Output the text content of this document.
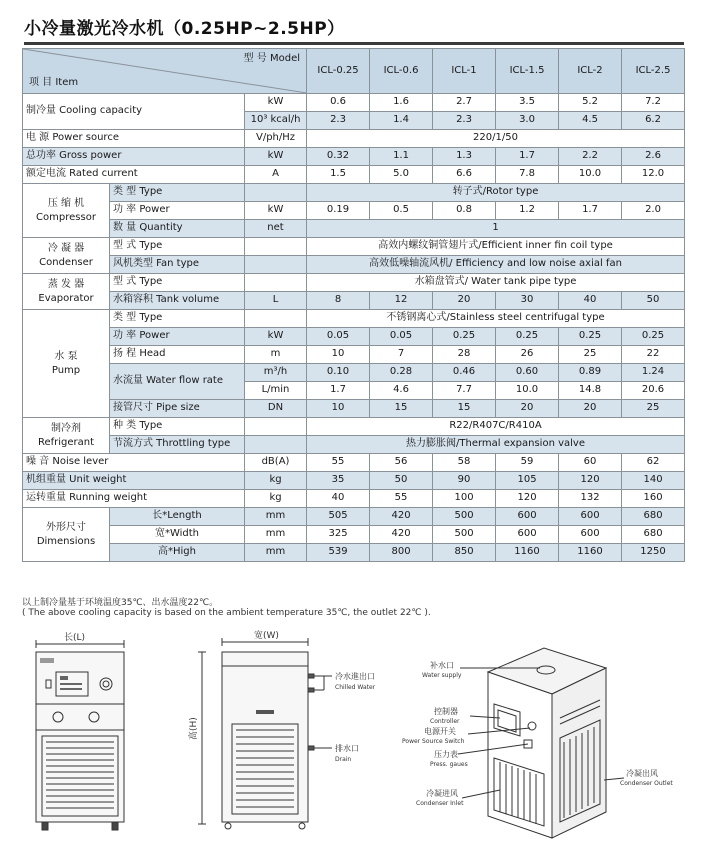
小冷量激光冷水机（0.25HP~2.5HP）
型 号 Model
项 目 Item			ICL-0.25	ICL-0.6	ICL-1	ICL-1.5	ICL-2	ICL-2.5
制冷量 Cooling capacity		kW	0.6	1.6	2.7	3.5	5.2	7.2
		10³ kcal/h	2.3	1.4	2.3	3.0	4.5	6.2
电 源 Power source		V/ph/Hz	220/1/50					
总功率 Gross power		kW	0.32	1.1	1.3	1.7	2.2	2.6
额定电流 Rated current		A	1.5	5.0	6.6	7.8	10.0	12.0

压 缩 机
Compressor	类 型 Type		转子式/Rotor type					
	功 率 Power	kW	0.19	0.5	0.8	1.2	1.7	2.0
	数 量 Quantity	net	1					

冷 凝 器
Condenser	型 式 Type		高效内螺纹铜管翅片式/Efficient inner fin coil type					
	风机类型 Fan type		高效低噪轴流风机/ Efficiency and low noise axial fan					

蒸 发 器
Evaporator	型 式 Type		水箱盘管式/ Water tank pipe type					
	水箱容积 Tank volume	L	8	12	20	30	40	50

水 泵
Pump	类 型 Type		不锈钢离心式/Stainless steel centrifugal type					
	功 率 Power	kW	0.05	0.05	0.25	0.25	0.25	0.25
	扬 程 Head	m	10	7	28	26	25	22
	水流量 Water flow rate	m³/h	0.10	0.28	0.46	0.60	0.89	1.24
		L/min	1.7	4.6	7.7	10.0	14.8	20.6
	接管尺寸 Pipe size	DN	10	15	15	20	20	25

制冷剂
Refrigerant	种 类 Type		R22/R407C/R410A					
	节流方式 Throttling type		热力膨胀阀/Thermal expansion valve					
噪 音 Noise lever		dB(A)	55	56	58	59	60	62
机组重量 Unit weight		kg	35	50	90	105	120	140
运转重量 Running weight		kg	40	55	100	120	132	160

外形尺寸
Dimensions	长*Length	mm	505	420	500	600	600	680
	宽*Width	mm	325	420	500	600	600	680
	高*High	mm	539	800	850	1160	1160	1250
以上制冷量基于环境温度35℃、出水温度22℃。
( The above cooling capacity is based on the ambient temperature 35℃, the outlet 22℃ ).
长(L)	宽(W)
高(H)
冷水進出口
Chilled Water
排水口
Drain
补水口
Water supply
控制器
Controller
电源开关
Power Source Switch
压力表
Press. gaues
冷凝进风
Condenser Inlet
冷凝出风
Condenser Outlet
